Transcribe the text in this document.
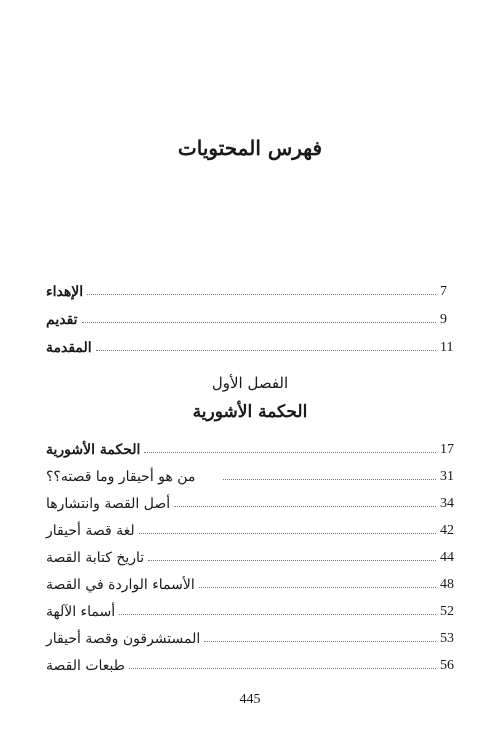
فهرس المحتويات
الإهداء	7
تقديم	9
المقدمة	11
الفصل الأول
الحكمة الأشورية
الحكمة الأشورية	17
من هو أحيقار وما قصته؟؟	31
أصل القصة وانتشارها	34
لغة قصة أحيقار	42
تاريخ كتابة القصة	44
الأسماء الواردة في القصة	48
أسماء الآلهة	52
المستشرقون وقصة أحيقار	53
طبعات القصة	56
445
